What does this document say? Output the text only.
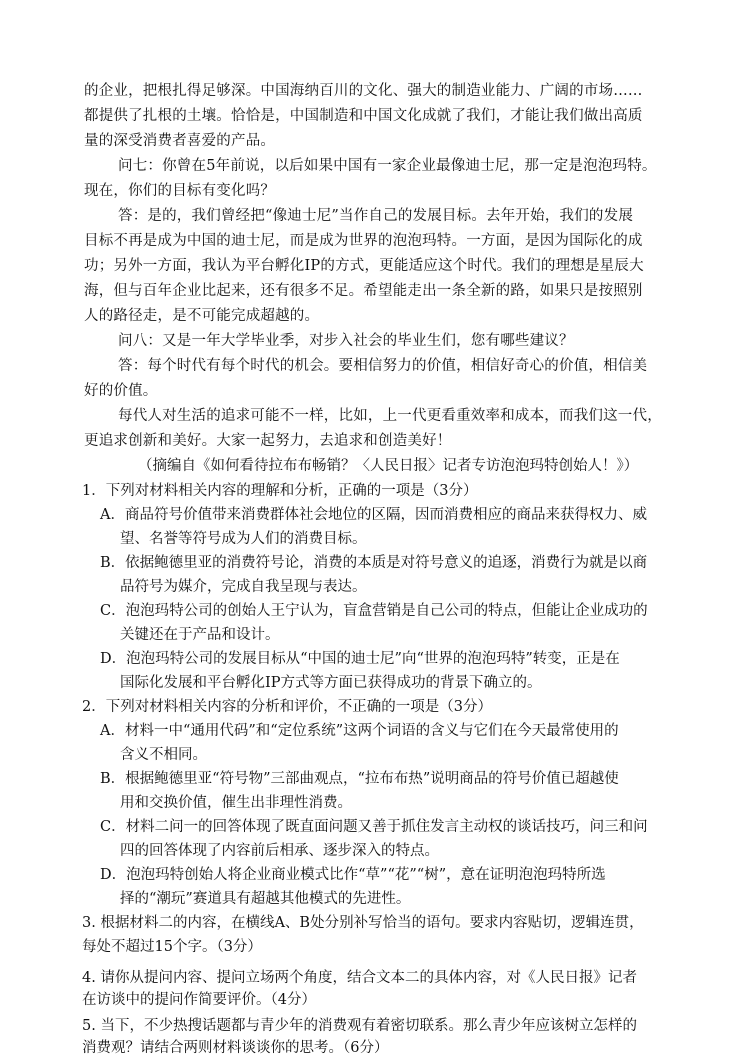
的企业，把根扎得足够深。中国海纳百川的文化、强大的制造业能力、广阔的市场……
都提供了扎根的土壤。恰恰是，中国制造和中国文化成就了我们，才能让我们做出高质
量的深受消费者喜爱的产品。
问七：你曾在5年前说，以后如果中国有一家企业最像迪士尼，那一定是泡泡玛特。
现在，你们的目标有变化吗？
答：是的，我们曾经把“像迪士尼”当作自己的发展目标。去年开始，我们的发展
目标不再是成为中国的迪士尼，而是成为世界的泡泡玛特。一方面，是因为国际化的成
功；另外一方面，我认为平台孵化IP的方式，更能适应这个时代。我们的理想是星辰大
海，但与百年企业比起来，还有很多不足。希望能走出一条全新的路，如果只是按照别
人的路径走，是不可能完成超越的。
问八：又是一年大学毕业季，对步入社会的毕业生们，您有哪些建议？
答：每个时代有每个时代的机会。要相信努力的价值，相信好奇心的价值，相信美
好的价值。
每代人对生活的追求可能不一样，比如，上一代更看重效率和成本，而我们这一代，
更追求创新和美好。大家一起努力，去追求和创造美好！
（摘编自《如何看待拉布布畅销？〈人民日报〉记者专访泡泡玛特创始人！》）
1．下列对材料相关内容的理解和分析，正确的一项是（3分）
A．商品符号价值带来消费群体社会地位的区隔，因而消费相应的商品来获得权力、威
望、名誉等符号成为人们的消费目标。
B．依据鲍德里亚的消费符号论，消费的本质是对符号意义的追逐，消费行为就是以商
品符号为媒介，完成自我呈现与表达。
C．泡泡玛特公司的创始人王宁认为，盲盒营销是自己公司的特点，但能让企业成功的
关键还在于产品和设计。
D．泡泡玛特公司的发展目标从“中国的迪士尼”向“世界的泡泡玛特”转变，正是在
国际化发展和平台孵化IP方式等方面已获得成功的背景下确立的。
2．下列对材料相关内容的分析和评价，不正确的一项是（3分）
A．材料一中“通用代码”和“定位系统”这两个词语的含义与它们在今天最常使用的
含义不相同。
B．根据鲍德里亚“符号物”三部曲观点，“拉布布热”说明商品的符号价值已超越使
用和交换价值，催生出非理性消费。
C．材料二问一的回答体现了既直面问题又善于抓住发言主动权的谈话技巧，问三和问
四的回答体现了内容前后相承、逐步深入的特点。
D．泡泡玛特创始人将企业商业模式比作“草”“花”“树”，意在证明泡泡玛特所选
择的“潮玩”赛道具有超越其他模式的先进性。
3. 根据材料二的内容，在横线A、B处分别补写恰当的语句。要求内容贴切，逻辑连贯，
每处不超过15个字。（3分）
4. 请你从提问内容、提问立场两个角度，结合文本二的具体内容，对《人民日报》记者
在访谈中的提问作简要评价。（4分）
5. 当下，不少热搜话题都与青少年的消费观有着密切联系。那么青少年应该树立怎样的
消费观？请结合两则材料谈谈你的思考。（6分）
